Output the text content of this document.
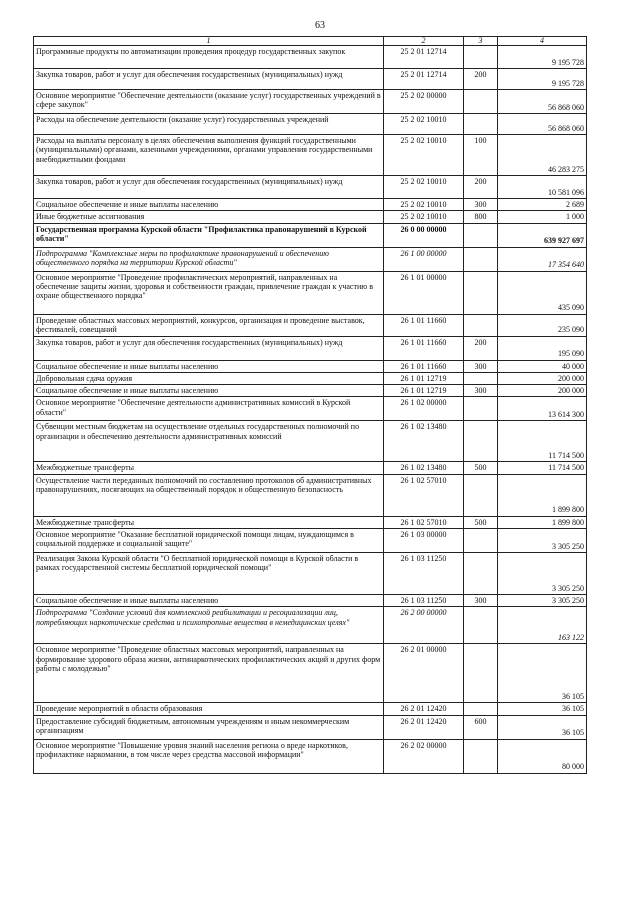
63
1	2	3	4
Программные продукты по автоматизации проведения процедур государственных закупок	25 2 01 12714		9 195 728
Закупка товаров, работ и услуг для обеспечения государственных (муниципальных) нужд	25 2 01 12714	200	9 195 728
Основное мероприятие "Обеспечение деятельности (оказание услуг) государственных учреждений в сфере закупок"	25 2 02 00000		56 868 060
Расходы на обеспечение деятельности (оказание услуг) государственных учреждений	25 2 02 10010		56 868 060
Расходы на выплаты персоналу в целях обеспечения выполнения функций государственными (муниципальными) органами, казенными учреждениями, органами управления государственными внебюджетными фондами	25 2 02 10010	100	46 283 275
Закупка товаров, работ и услуг для обеспечения государственных (муниципальных) нужд	25 2 02 10010	200	10 581 096
Социальное обеспечение и иные выплаты населению	25 2 02 10010	300	2 689
Иные бюджетные ассигнования	25 2 02 10010	800	1 000
Государственная программа Курской области "Профилактика правонарушений в Курской области"	26 0 00 00000		639 927 697
Подпрограмма "Комплексные меры по профилактике правонарушений и обеспечению общественного порядка на территории Курской области"	26 1 00 00000		17 354 640
Основное мероприятие "Проведение профилактических мероприятий, направленных на обеспечение защиты жизни, здоровья и собственности граждан, привлечение граждан к участию в охране общественного порядка"	26 1 01 00000		435 090
Проведение областных массовых мероприятий, конкурсов, организация и проведение выставок, фестивалей, совещаний	26 1 01 11660		235 090
Закупка товаров, работ и услуг для обеспечения государственных (муниципальных) нужд	26 1 01 11660	200	195 090
Социальное обеспечение и иные выплаты населению	26 1 01 11660	300	40 000
Добровольная сдача оружия	26 1 01 12719		200 000
Социальное обеспечение и иные выплаты населению	26 1 01 12719	300	200 000
Основное мероприятие "Обеспечение деятельности административных комиссий в Курской области"	26 1 02 00000		13 614 300
Субвенции местным бюджетам на осуществление отдельных государственных полномочий по организации и обеспечению деятельности административных комиссий	26 1 02 13480		11 714 500
Межбюджетные трансферты	26 1 02 13480	500	11 714 500
Осуществление части переданных полномочий по составлению протоколов об административных правонарушениях, посягающих на общественный порядок и общественную безопасность	26 1 02 57010		1 899 800
Межбюджетные трансферты	26 1 02 57010	500	1 899 800
Основное мероприятие "Оказание бесплатной юридической помощи лицам, нуждающимся в социальной поддержке и социальной защите"	26 1 03 00000		3 305 250
Реализация Закона Курской области "О бесплатной юридической помощи в Курской области в рамках государственной системы бесплатной юридической помощи"	26 1 03 11250		3 305 250
Социальное обеспечение и иные выплаты населению	26 1 03 11250	300	3 305 250
Подпрограмма "Создание условий для комплексной реабилитации и ресоциализации лиц, потребляющих наркотические средства и психотропные вещества в немедицинских целях"	26 2 00 00000		163 122
Основное мероприятие "Проведение областных массовых мероприятий, направленных на формирование здорового образа жизни, антинаркотических профилактических акций и других форм работы с молодежью"	26 2 01 00000		36 105
Проведение мероприятий в области образования	26 2 01 12420		36 105
Предоставление субсидий бюджетным, автономным учреждениям и иным некоммерческим организациям	26 2 01 12420	600	36 105
Основное мероприятие "Повышение уровня знаний населения региона о вреде наркотиков, профилактике наркомании, в том числе через средства массовой информации"	26 2 02 00000		80 000
